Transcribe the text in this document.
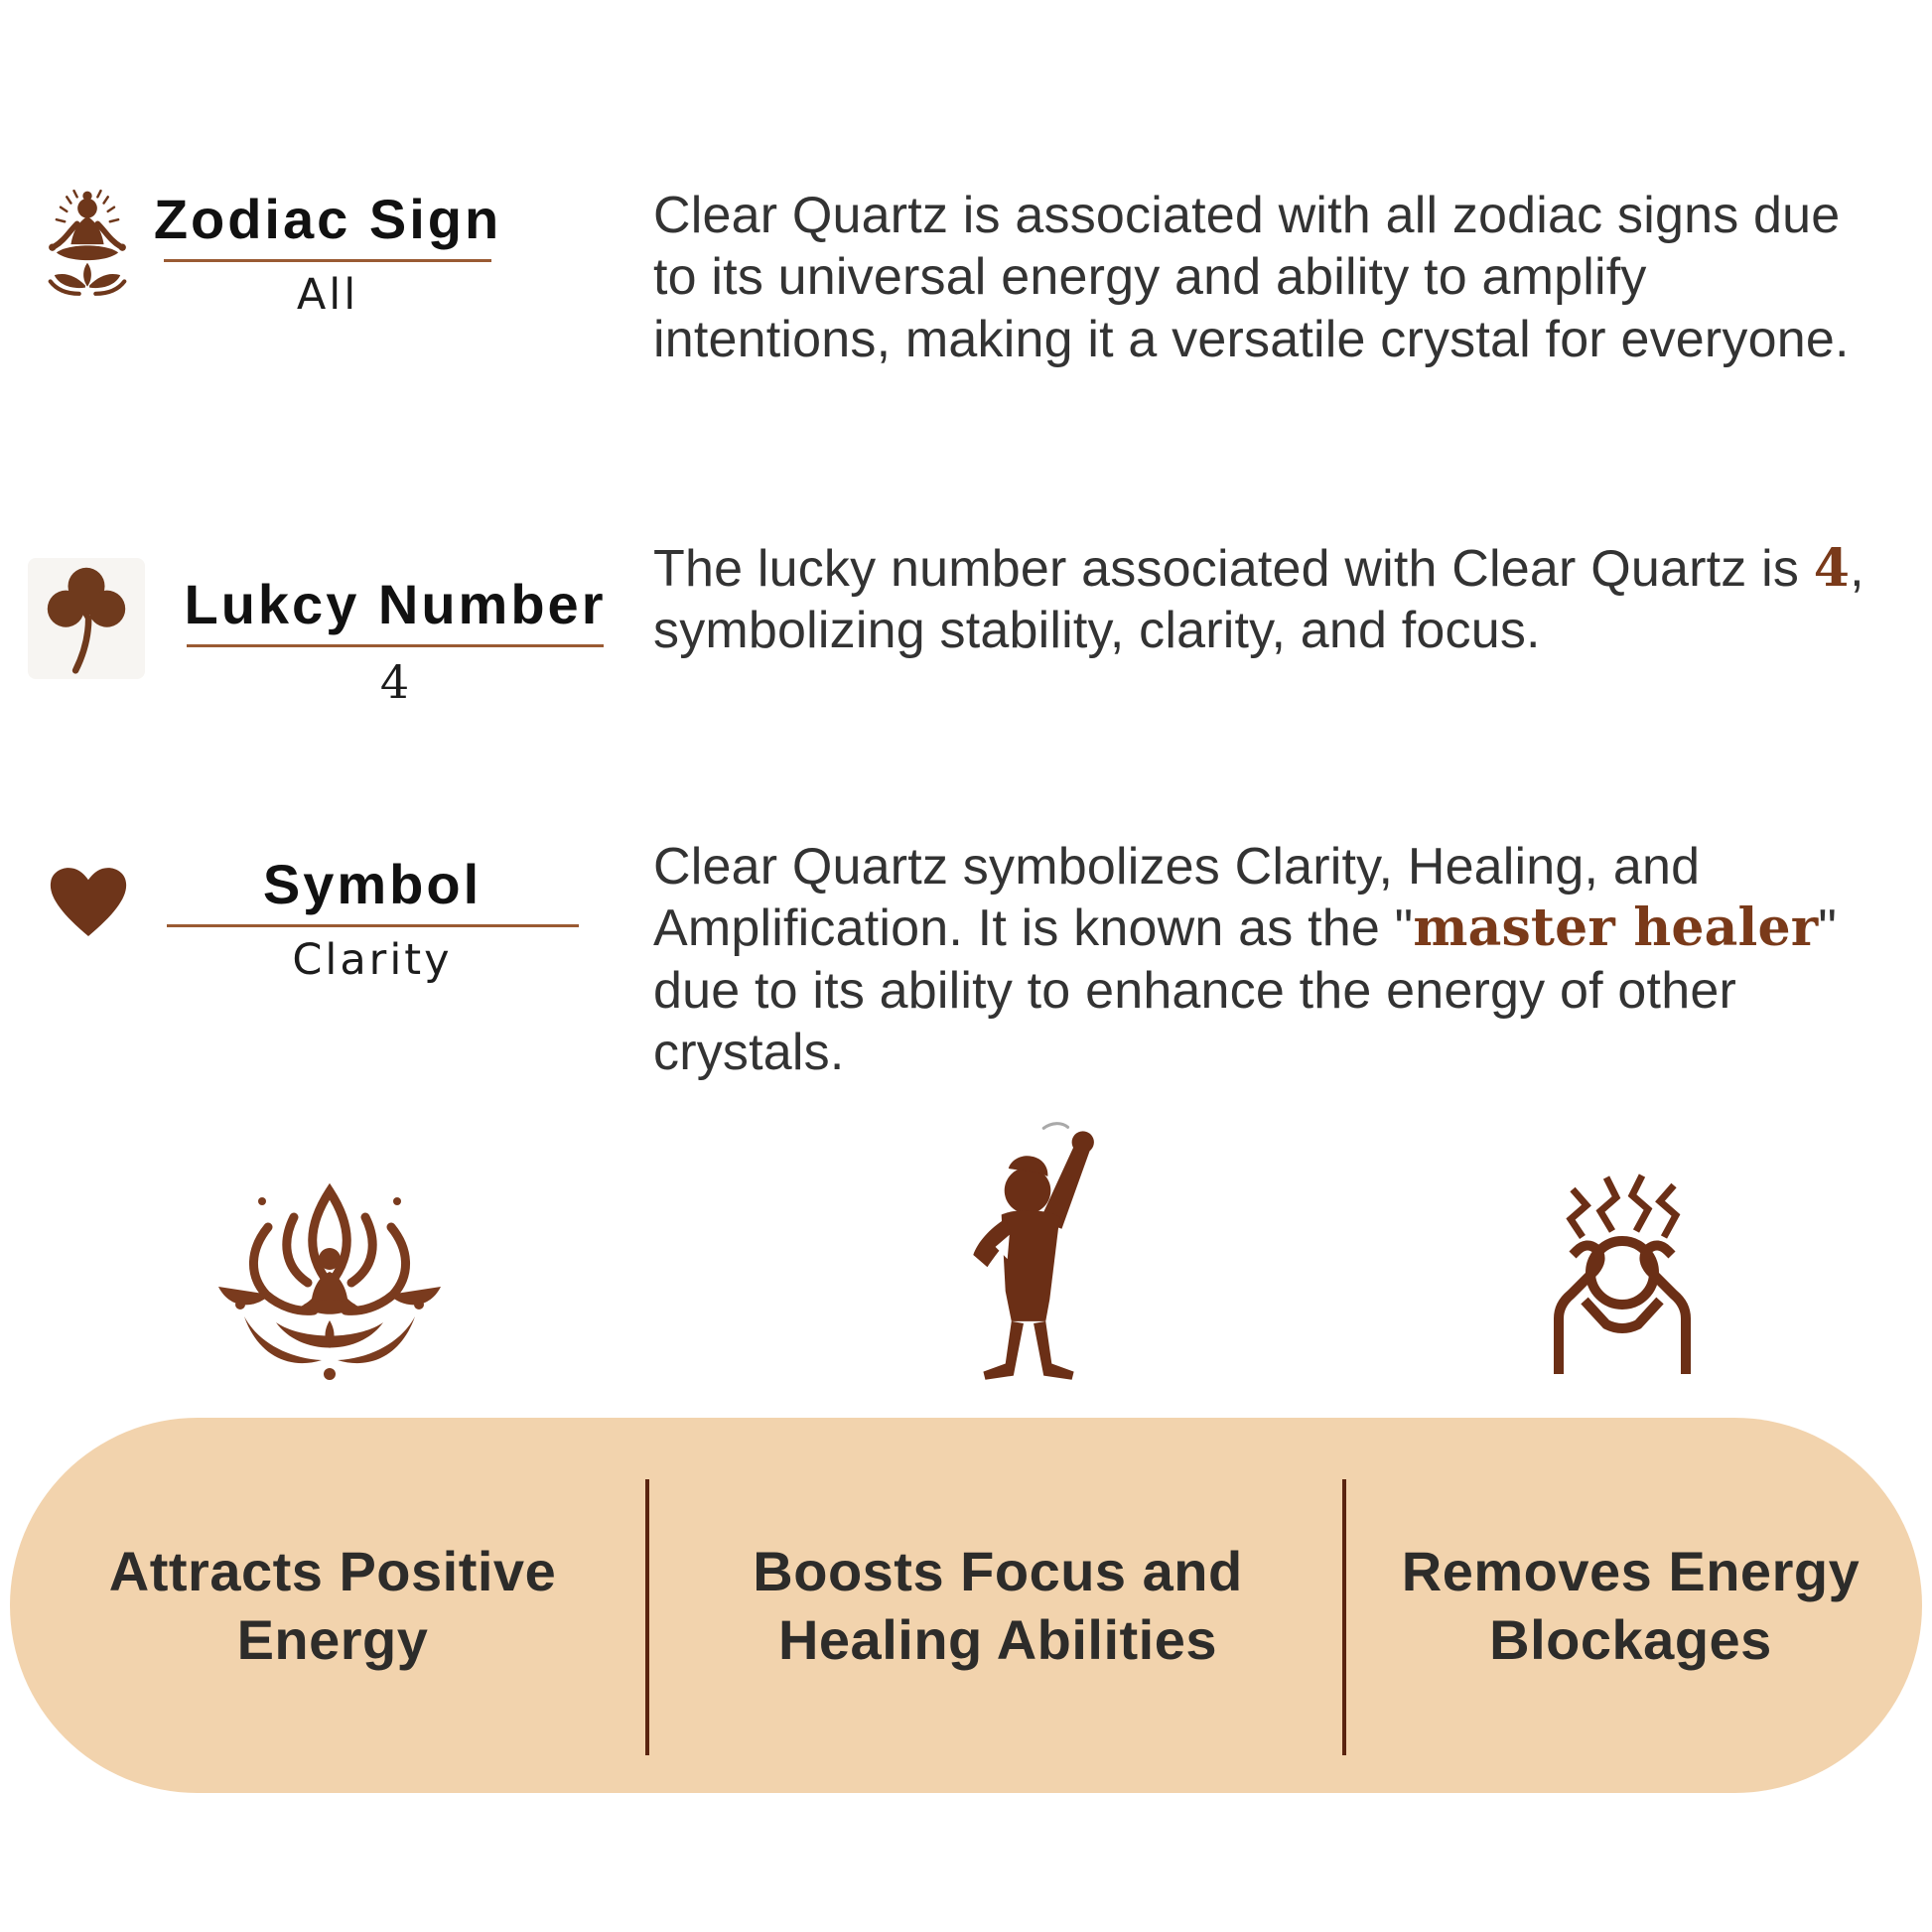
Zodiac Sign
All

Clear Quartz is associated with all zodiac signs due to its universal energy and ability to amplify intentions, making it a versatile crystal for everyone.

Lukcy Number
4

The lucky number associated with Clear Quartz is 4, symbolizing stability, clarity, and focus.

Symbol
Clarity

Clear Quartz symbolizes Clarity, Healing, and Amplification. It is known as the "master healer" due to its ability to enhance the energy of other crystals.

Attracts Positive Energy
Boosts Focus and Healing Abilities
Removes Energy Blockages
